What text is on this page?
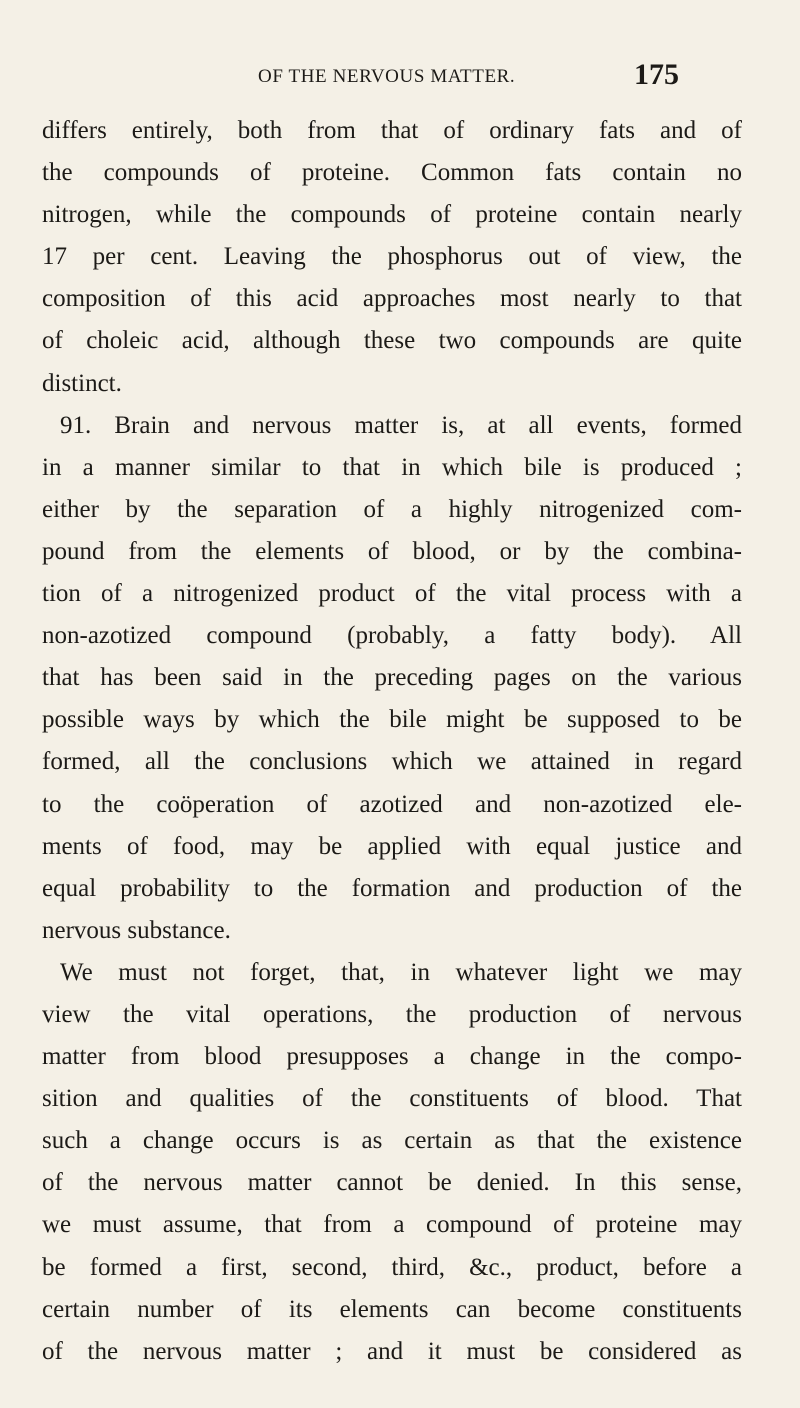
OF THE NERVOUS MATTER.	175
differs entirely, both from that of ordinary fats and of
the compounds of proteine. Common fats contain no
nitrogen, while the compounds of proteine contain nearly
17 per cent. Leaving the phosphorus out of view, the
composition of this acid approaches most nearly to that
of choleic acid, although these two compounds are quite
distinct.
91. Brain and nervous matter is, at all events, formed
in a manner similar to that in which bile is produced ;
either by the separation of a highly nitrogenized com-
pound from the elements of blood, or by the combina-
tion of a nitrogenized product of the vital process with a
non-azotized compound (probably, a fatty body). All
that has been said in the preceding pages on the various
possible ways by which the bile might be supposed to be
formed, all the conclusions which we attained in regard
to the coöperation of azotized and non-azotized ele-
ments of food, may be applied with equal justice and
equal probability to the formation and production of the
nervous substance.
We must not forget, that, in whatever light we may
view the vital operations, the production of nervous
matter from blood presupposes a change in the compo-
sition and qualities of the constituents of blood. That
such a change occurs is as certain as that the existence
of the nervous matter cannot be denied. In this sense,
we must assume, that from a compound of proteine may
be formed a first, second, third, &c., product, before a
certain number of its elements can become constituents
of the nervous matter ; and it must be considered as
